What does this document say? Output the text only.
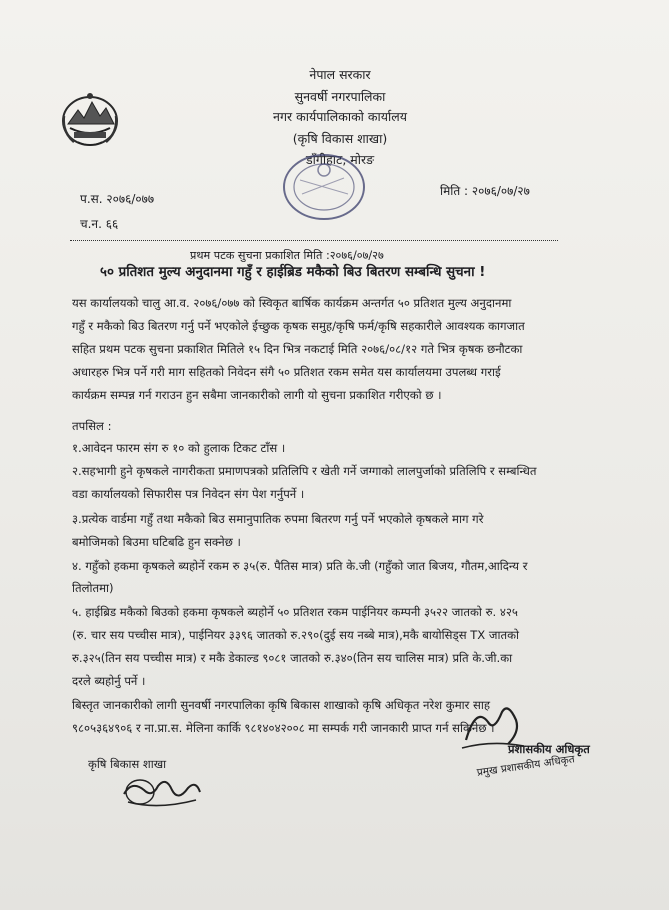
नेपाल सरकार
सुनवर्षी नगरपालिका
नगर कार्यपालिकाको कार्यालय
(कृषि विकास शाखा)
डाँगीहाट, मोरङ
प.स. २०७६/०७७
च.न. ६६
मिति : २०७६/०७/२७
प्रथम पटक सुचना प्रकाशित मिति :२०७६/०७/२७
५० प्रतिशत मुल्य अनुदानमा गहुँ र हाईब्रिड मकैको बिउ बितरण सम्बन्धि सुचना !
यस कार्यालयको चालु आ.व. २०७६/०७७ को स्विकृत बार्षिक कार्यक्रम अन्तर्गत ५० प्रतिशत मुल्य अनुदानमा
गहुँ र मकैको बिउ बितरण गर्नु पर्ने भएकोले ईच्छुक कृषक समुह/कृषि फर्म/कृषि सहकारीले आवश्यक कागजात
सहित प्रथम पटक सुचना प्रकाशित मितिले १५ दिन भित्र नकटाई मिति २०७६/०८/१२ गते भित्र कृषक छनौटका
अधारहरु भित्र पर्ने गरी माग सहितको निवेदन संगै ५० प्रतिशत रकम समेत यस कार्यालयमा उपलब्ध गराई
कार्यक्रम सम्पन्न गर्न गराउन हुन सबैमा जानकारीको लागी यो सुचना प्रकाशित गरीएको छ ।
तपसिल :
१.आवेदन फारम संग रु १० को हुलाक टिकट टाँस ।
२.सहभागी हुने कृषकले नागरीकता प्रमाणपत्रको प्रतिलिपि र खेती गर्ने जग्गाको लालपुर्जाको प्रतिलिपि र सम्बन्धित
वडा कार्यालयको सिफारीस पत्र निवेदन संग पेश गर्नुपर्ने ।
३.प्रत्येक वार्डमा गहुँ तथा मकैको बिउ समानुपातिक रुपमा बितरण गर्नु पर्ने भएकोले कृषकले माग गरे
बमोजिमको बिउमा घटिबढि हुन सक्नेछ ।
४. गहुँको हकमा कृषकले ब्यहोर्ने रकम रु ३५(रु. पैतिस मात्र) प्रति के.जी (गहुँको जात बिजय, गौतम,आदिन्य र
तिलोतमा)
५. हाईब्रिड मकैको बिउको हकमा कृषकले ब्यहोर्ने ५० प्रतिशत रकम पाईनियर कम्पनी ३५२२ जातको रु. ४२५
(रु. चार सय पच्चीस मात्र), पाईनियर ३३९६ जातको रु.२९०(दुई सय नब्बे मात्र),मकै बायोसिड्स TX जातको
रु.३२५(तिन सय पच्चीस मात्र) र मकै डेकाल्ड ९०८१ जातको रु.३४०(तिन सय चालिस मात्र) प्रति के.जी.का
दरले ब्यहोर्नु पर्ने ।
बिस्तृत जानकारीको लागी सुनवर्षी नगरपालिका कृषि बिकास शाखाको कृषि अधिकृत नरेश कुमार साह
९८०५३६४९०६ र ना.प्रा.स. मेलिना कार्कि ९८१४०४२००८ मा सम्पर्क गरी जानकारी प्राप्त गर्न सकिनेछ ।
कृषि बिकास शाखा
प्रशासकीय अधिकृत
प्रमुख प्रशासकीय अधिकृत
